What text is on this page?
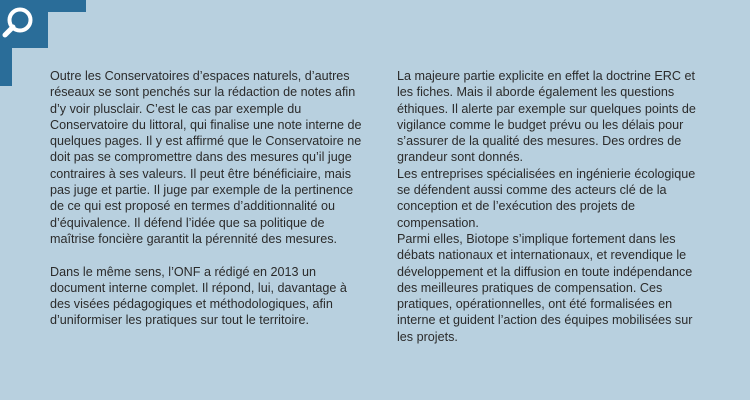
Outre les Conservatoires d’espaces naturels, d’autres réseaux se sont penchés sur la rédaction de notes afin d’y voir plusclair. C’est le cas par exemple du Conservatoire du littoral, qui finalise une note interne de quelques pages. Il y est affirmé que le Conservatoire ne doit pas se compromettre dans des mesures qu’il juge contraires à ses valeurs. Il peut être bénéficiaire, mais pas juge et partie. Il juge par exemple de la pertinence de ce qui est proposé en termes d’additionnalité ou d’équivalence. Il défend l’idée que sa politique de maîtrise foncière garantit la pérennité des mesures.

Dans le même sens, l’ONF a rédigé en 2013 un document interne complet. Il répond, lui, davantage à des visées pédagogiques et méthodologiques, afin d’uniformiser les pratiques sur tout le territoire.

La majeure partie explicite en effet la doctrine ERC et les fiches. Mais il aborde également les questions éthiques. Il alerte par exemple sur quelques points de vigilance comme le budget prévu ou les délais pour s’assurer de la qualité des mesures. Des ordres de grandeur sont donnés.

Les entreprises spécialisées en ingénierie écologique se défendent aussi comme des acteurs clé de la conception et de l’exécution des projets de compensation.

Parmi elles, Biotope s’implique fortement dans les débats nationaux et internationaux, et revendique le développement et la diffusion en toute indépendance des meilleures pratiques de compensation. Ces pratiques, opérationnelles, ont été formalisées en interne et guident l’action des équipes mobilisées sur les projets.
